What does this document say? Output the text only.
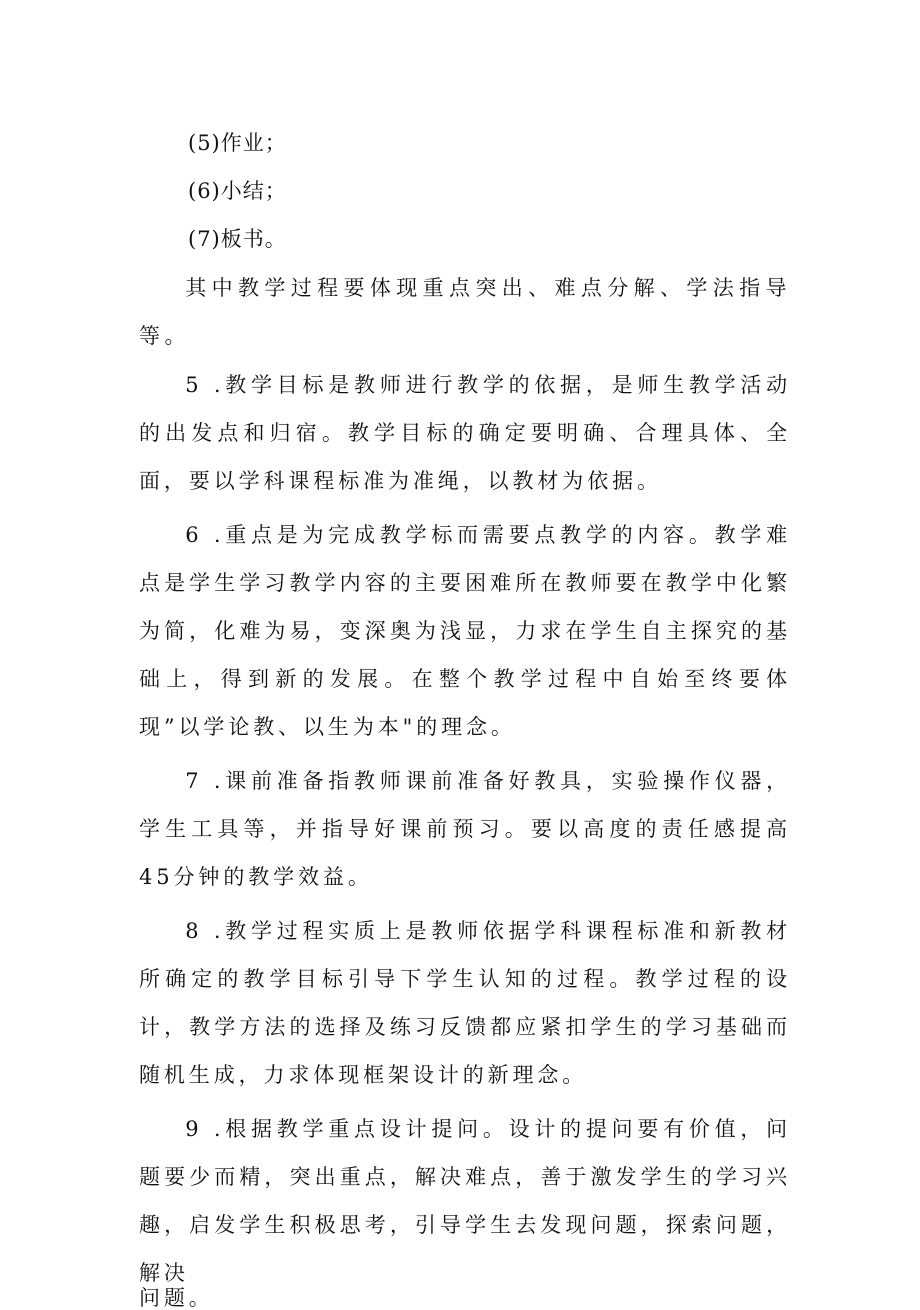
(5)作业；
(6)小结；
(7)板书。

其中教学过程要体现重点突出、难点分解、学法指导等。

5 .教学目标是教师进行教学的依据，是师生教学活动的出发点和归宿。教学目标的确定要明确、合理具体、全面，要以学科课程标准为准绳，以教材为依据。

6 .重点是为完成教学标而需要点教学的内容。教学难点是学生学习教学内容的主要困难所在教师要在教学中化繁为简，化难为易，变深奥为浅显，力求在学生自主探究的基础上，得到新的发展。在整个教学过程中自始至终要体现”以学论教、以生为本"的理念。

7 .课前准备指教师课前准备好教具，实验操作仪器，学生工具等，并指导好课前预习。要以高度的责任感提高45分钟的教学效益。

8 .教学过程实质上是教师依据学科课程标准和新教材所确定的教学目标引导下学生认知的过程。教学过程的设计，教学方法的选择及练习反馈都应紧扣学生的学习基础而随机生成，力求体现框架设计的新理念。

9 .根据教学重点设计提问。设计的提问要有价值，问题要少而精，突出重点，解决难点，善于激发学生的学习兴趣，启发学生积极思考，引导学生去发现问题，探索问题，解决
问题。
